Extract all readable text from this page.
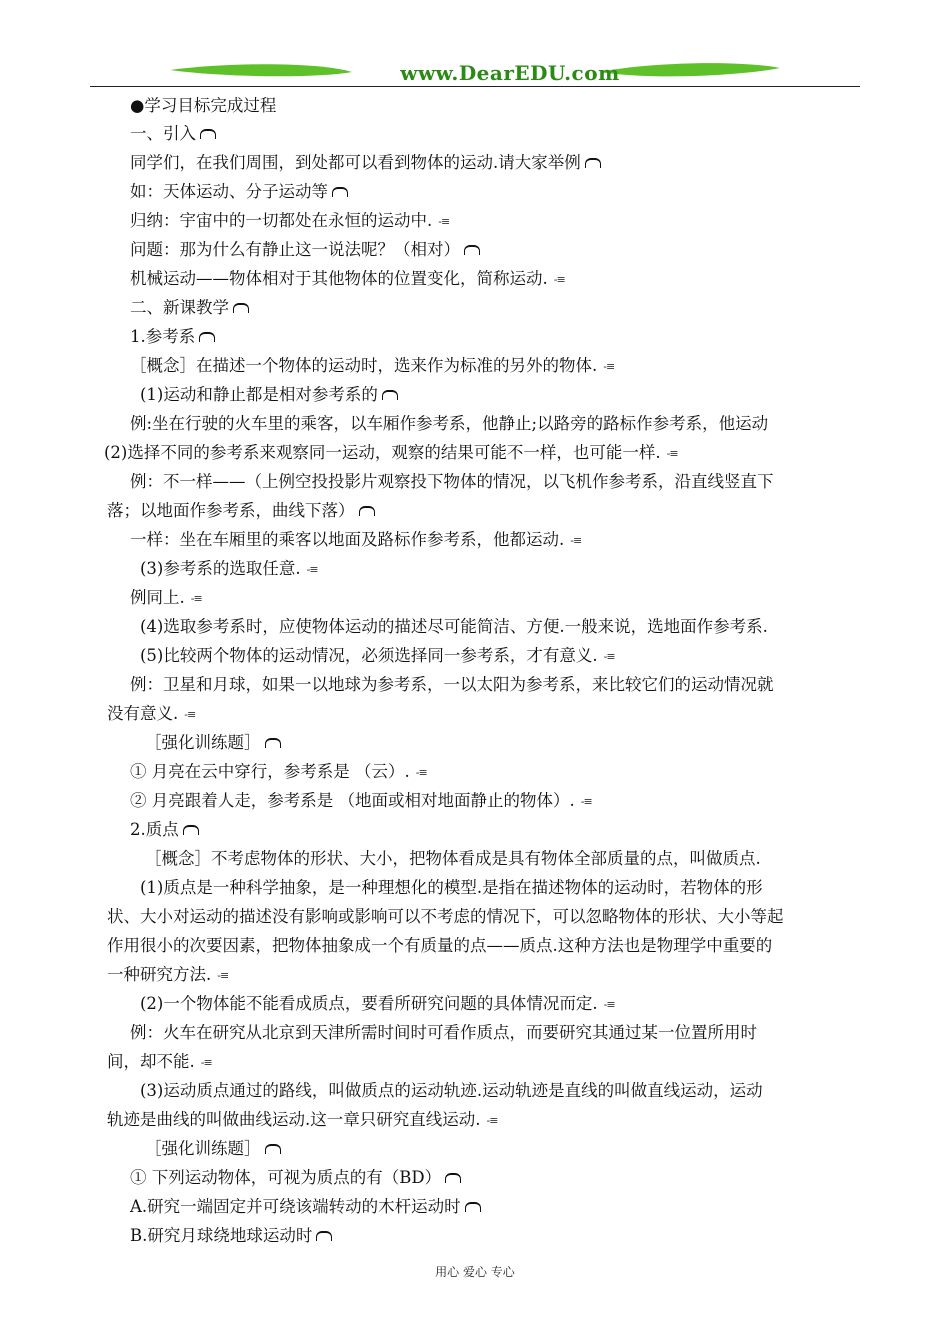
www.DearEDU.com
●学习目标完成过程
一、引入
同学们，在我们周围，到处都可以看到物体的运动.请大家举例
如：天体运动、分子运动等
归纳：宇宙中的一切都处在永恒的运动中. -≡
问题：那为什么有静止这一说法呢？（相对）
机械运动——物体相对于其他物体的位置变化，简称运动. -≡
二、新课教学
1.参考系
［概念］在描述一个物体的运动时，选来作为标准的另外的物体. -≡
(1)运动和静止都是相对参考系的
例:坐在行驶的火车里的乘客，以车厢作参考系，他静止;以路旁的路标作参考系，他运动
(2)选择不同的参考系来观察同一运动，观察的结果可能不一样，也可能一样. -≡
例：不一样——（上例空投投影片观察投下物体的情况，以飞机作参考系，沿直线竖直下
落；以地面作参考系，曲线下落）
一样：坐在车厢里的乘客以地面及路标作参考系，他都运动. -≡
(3)参考系的选取任意. -≡
例同上. -≡
(4)选取参考系时，应使物体运动的描述尽可能简洁、方便.一般来说，选地面作参考系.
(5)比较两个物体的运动情况，必须选择同一参考系，才有意义. -≡
例：卫星和月球，如果一以地球为参考系，一以太阳为参考系，来比较它们的运动情况就
没有意义. -≡
［强化训练题］
① 月亮在云中穿行，参考系是 （云）. -≡
② 月亮跟着人走，参考系是 （地面或相对地面静止的物体）. -≡
2.质点
［概念］不考虑物体的形状、大小，把物体看成是具有物体全部质量的点，叫做质点.
(1)质点是一种科学抽象，是一种理想化的模型.是指在描述物体的运动时，若物体的形
状、大小对运动的描述没有影响或影响可以不考虑的情况下，可以忽略物体的形状、大小等起
作用很小的次要因素，把物体抽象成一个有质量的点——质点.这种方法也是物理学中重要的
一种研究方法. -≡
(2)一个物体能不能看成质点，要看所研究问题的具体情况而定. -≡
例：火车在研究从北京到天津所需时间时可看作质点，而要研究其通过某一位置所用时
间，却不能. -≡
(3)运动质点通过的路线，叫做质点的运动轨迹.运动轨迹是直线的叫做直线运动，运动
轨迹是曲线的叫做曲线运动.这一章只研究直线运动. -≡
［强化训练题］
① 下列运动物体，可视为质点的有（BD）
A.研究一端固定并可绕该端转动的木杆运动时
B.研究月球绕地球运动时
用心 爱心 专心
